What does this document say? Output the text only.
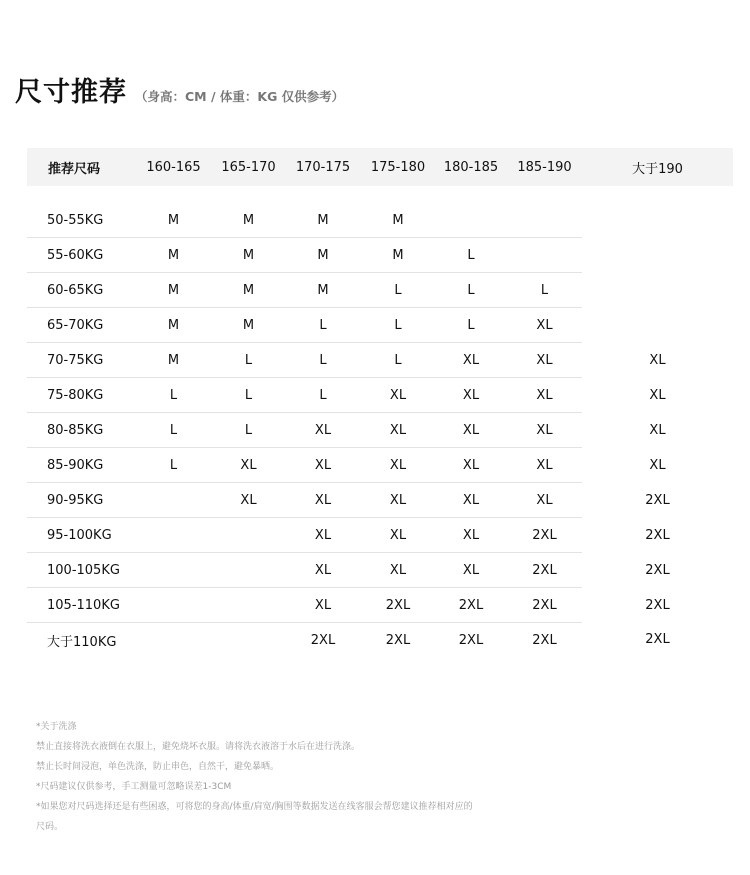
尺寸推荐 （身高：CM / 体重：KG 仅供参考）
推荐尺码	160-165	165-170	170-175	175-180	180-185	185-190	大于190

50-55KG	M	M	M	M			
55-60KG	M	M	M	M	L		
60-65KG	M	M	M	L	L	L	
65-70KG	M	M	L	L	L	XL	
70-75KG	M	L	L	L	XL	XL	XL
75-80KG	L	L	L	XL	XL	XL	XL
80-85KG	L	L	XL	XL	XL	XL	XL
85-90KG	L	XL	XL	XL	XL	XL	XL
90-95KG		XL	XL	XL	XL	XL	2XL
95-100KG			XL	XL	XL	2XL	2XL
100-105KG			XL	XL	XL	2XL	2XL
105-110KG			XL	2XL	2XL	2XL	2XL
大于110KG			2XL	2XL	2XL	2XL	2XL
*关于洗涤
禁止直接将洗衣液倒在衣服上，避免烧坏衣服。请将洗衣液溶于水后在进行洗涤。
禁止长时间浸泡，单色洗涤，防止串色，自然干，避免暴晒。
*尺码建议仅供参考，手工测量可忽略误差1-3CM
*如果您对尺码选择还是有些困惑，可将您的身高/体重/肩宽/胸围等数据发送在线客服会帮您建议推荐相对应的
尺码。
